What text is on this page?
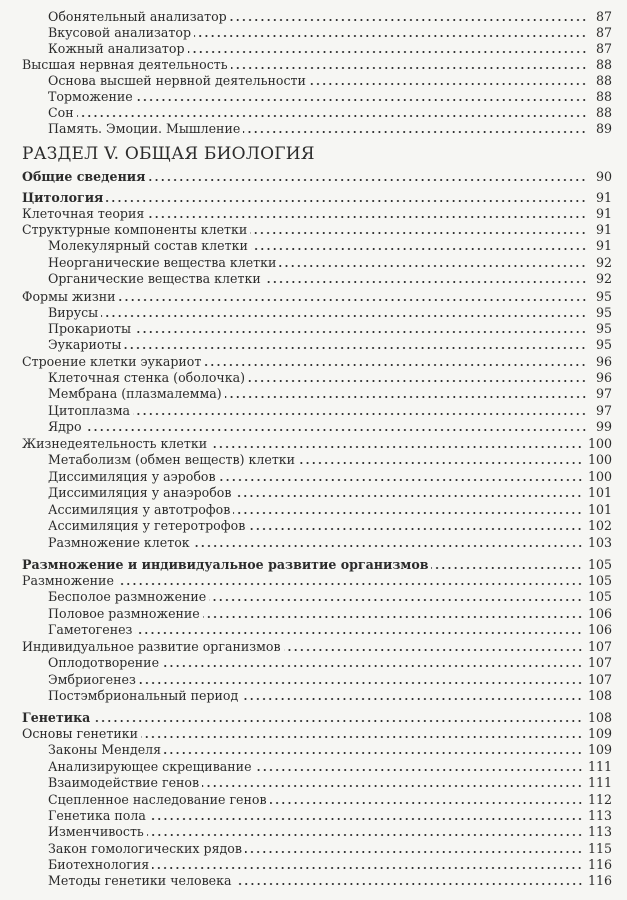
РАЗДЕЛ V. ОБЩАЯ БИОЛОГИЯ
Обонятельный анализатор	87
Вкусовой анализатор	87
Кожный анализатор	87
Высшая нервная деятельность	88
Основа высшей нервной деятельности	88
Торможение	88
Сон	88
Память. Эмоции. Мышление	89
Общие сведения	90
Цитология	91
Клеточная теория	91
Структурные компоненты клетки	91
Молекулярный состав клетки	91
Неорганические вещества клетки	92
Органические вещества клетки	92
Формы жизни	95
Вирусы	95
Прокариоты	95
Эукариоты	95
Строение клетки эукариот	96
Клеточная стенка (оболочка)	96
Мембрана (плазмалемма)	97
Цитоплазма	97
Ядро	99
Жизнедеятельность клетки	100
Метаболизм (обмен веществ) клетки	100
Диссимиляция у аэробов	100
Диссимиляция у анаэробов	101
Ассимиляция у автотрофов	101
Ассимиляция у гетеротрофов	102
Размножение клеток	103
Размножение и индивидуальное развитие организмов	105
Размножение	105
Бесполое размножение	105
Половое размножение	106
Гаметогенез	106
Индивидуальное развитие организмов	107
Оплодотворение	107
Эмбриогенез	107
Постэмбриональный период	108
Генетика	108
Основы генетики	109
Законы Менделя	109
Анализирующее скрещивание	111
Взаимодействие генов	111
Сцепленное наследование генов	112
Генетика пола	113
Изменчивость	113
Закон гомологических рядов	115
Биотехнология	116
Методы генетики человека	116
